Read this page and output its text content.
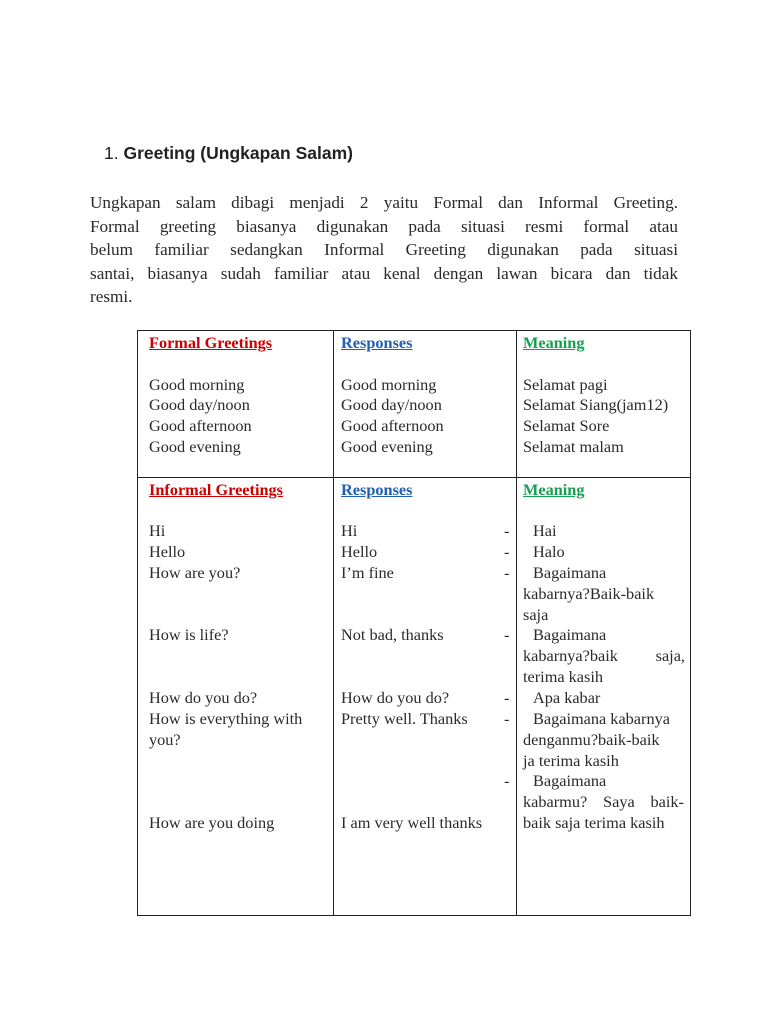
1. Greeting (Ungkapan Salam)
Ungkapan salam dibagi menjadi 2 yaitu Formal dan Informal Greeting.
Formal greeting biasanya digunakan pada situasi resmi formal atau
belum familiar sedangkan Informal Greeting digunakan pada situasi
santai, biasanya sudah familiar atau kenal dengan lawan bicara dan tidak
resmi.
Formal Greetings
Good morning
Good day/noon
Good afternoon
Good evening
Responses
Good morning
Good day/noon
Good afternoon
Good evening
Meaning
Selamat pagi
Selamat Siang(jam12)
Selamat Sore
Selamat malam
Informal Greetings	Responses	Meaning
Hi
Hello
How are you?
How is life?
How do you do?
How is everything with
you?
How are you doing
Hi
Hello
I’m fine
Not bad, thanks
How do you do?
Pretty well. Thanks
I am very well thanks
-
-
-
-
-
-
-
Hai
Halo
Bagaimana
kabarnya?Baik-baik
saja
Bagaimana
kabarnya?baik saja,
terima kasih
Apa kabar
Bagaimana kabarnya
denganmu?baik-baik
ja terima kasih
Bagaimana
kabarmu? Saya baik-
baik saja terima kasih
